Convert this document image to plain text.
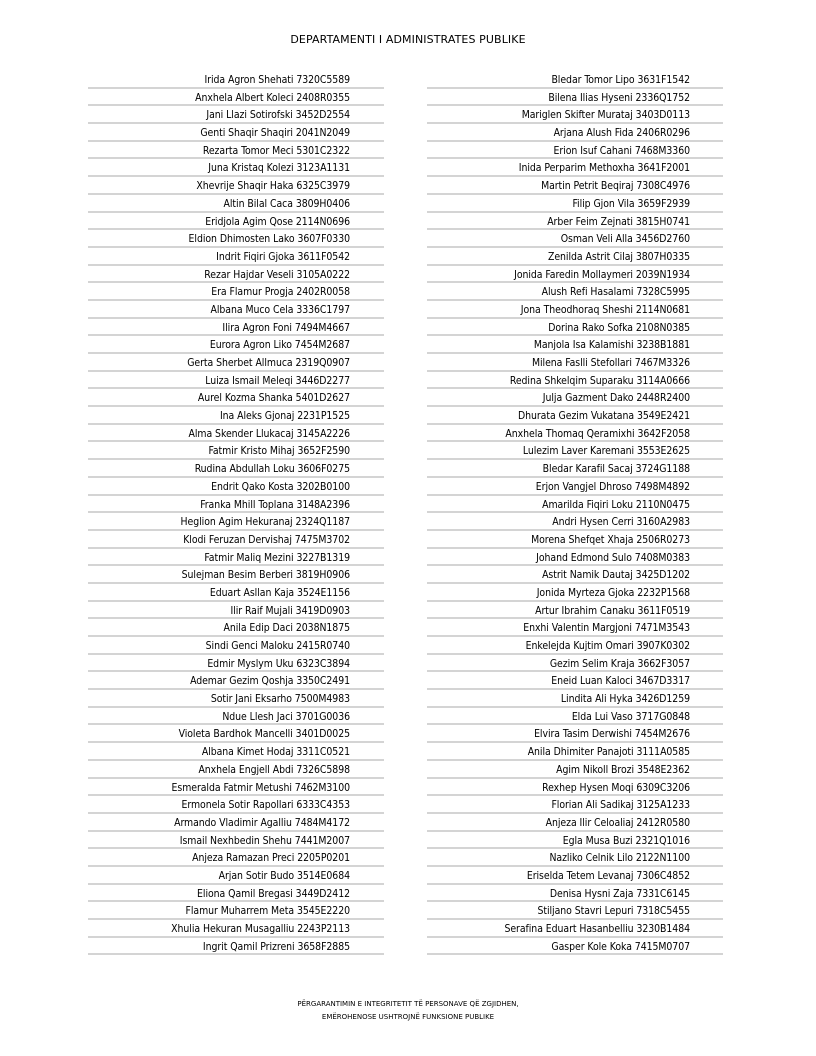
DEPARTAMENTI I ADMINISTRATES PUBLIKE
Irida Agron Shehati 7320C5589
Anxhela Albert Koleci 2408R0355
Jani Llazi Sotirofski 3452D2554
Genti Shaqir Shaqiri 2041N2049
Rezarta Tomor Meci 5301C2322
Juna Kristaq Kolezi 3123A1131
Xhevrije Shaqir Haka 6325C3979
Altin Bilal Caca 3809H0406
Eridjola Agim Qose 2114N0696
Eldion Dhimosten Lako 3607F0330
Indrit Fiqiri Gjoka 3611F0542
Rezar Hajdar Veseli 3105A0222
Era Flamur Progja 2402R0058
Albana Muco Cela 3336C1797
Ilira Agron Foni 7494M4667
Eurora Agron Liko 7454M2687
Gerta Sherbet Allmuca 2319Q0907
Luiza Ismail Meleqi 3446D2277
Aurel Kozma Shanka 5401D2627
Ina Aleks Gjonaj 2231P1525
Alma Skender Llukacaj 3145A2226
Fatmir Kristo Mihaj 3652F2590
Rudina Abdullah Loku 3606F0275
Endrit Qako Kosta 3202B0100
Franka Mhill Toplana 3148A2396
Heglion Agim Hekuranaj 2324Q1187
Klodi Feruzan Dervishaj 7475M3702
Fatmir Maliq Mezini 3227B1319
Sulejman Besim Berberi 3819H0906
Eduart Asllan Kaja 3524E1156
Ilir Raif Mujali 3419D0903
Anila Edip Daci 2038N1875
Sindi Genci Maloku 2415R0740
Edmir Myslym Uku 6323C3894
Ademar Gezim Qoshja 3350C2491
Sotir Jani Eksarho 7500M4983
Ndue Llesh Jaci 3701G0036
Violeta Bardhok Mancelli 3401D0025
Albana Kimet Hodaj 3311C0521
Anxhela Engjell Abdi 7326C5898
Esmeralda Fatmir Metushi 7462M3100
Ermonela Sotir Rapollari 6333C4353
Armando Vladimir Agalliu 7484M4172
Ismail Nexhbedin Shehu 7441M2007
Anjeza Ramazan Preci 2205P0201
Arjan Sotir Budo 3514E0684
Eliona Qamil Bregasi 3449D2412
Flamur Muharrem Meta 3545E2220
Xhulia Hekuran Musagalliu 2243P2113
Ingrit Qamil Prizreni 3658F2885
Bledar Tomor Lipo 3631F1542
Bilena Ilias Hyseni 2336Q1752
Mariglen Skifter Murataj 3403D0113
Arjana Alush Fida 2406R0296
Erion Isuf Cahani 7468M3360
Inida Perparim Methoxha 3641F2001
Martin Petrit Beqiraj 7308C4976
Filip Gjon Vila 3659F2939
Arber Feim Zejnati 3815H0741
Osman Veli Alla 3456D2760
Zenilda Astrit Cilaj 3807H0335
Jonida Faredin Mollaymeri 2039N1934
Alush Refi Hasalami 7328C5995
Jona Theodhoraq Sheshi 2114N0681
Dorina Rako Sofka 2108N0385
Manjola Isa Kalamishi 3238B1881
Milena Faslli Stefollari 7467M3326
Redina Shkelqim Suparaku 3114A0666
Julja Gazment Dako 2448R2400
Dhurata Gezim Vukatana 3549E2421
Anxhela Thomaq Qeramixhi 3642F2058
Lulezim Laver Karemani 3553E2625
Bledar Karafil Sacaj 3724G1188
Erjon Vangjel Dhroso 7498M4892
Amarilda Fiqiri Loku 2110N0475
Andri Hysen Cerri 3160A2983
Morena Shefqet Xhaja 2506R0273
Johand Edmond Sulo 7408M0383
Astrit Namik Dautaj 3425D1202
Jonida Myrteza Gjoka 2232P1568
Artur Ibrahim Canaku 3611F0519
Enxhi Valentin Margjoni 7471M3543
Enkelejda Kujtim Omari 3907K0302
Gezim Selim Kraja 3662F3057
Eneid Luan Kaloci 3467D3317
Lindita Ali Hyka 3426D1259
Elda Lui Vaso 3717G0848
Elvira Tasim Derwishi 7454M2676
Anila Dhimiter Panajoti 3111A0585
Agim Nikoll Brozi 3548E2362
Rexhep Hysen Moqi 6309C3206
Florian Ali Sadikaj 3125A1233
Anjeza Ilir Celoaliaj 2412R0580
Egla Musa Buzi 2321Q1016
Nazliko Celnik Lilo 2122N1100
Eriselda Tetem Levanaj 7306C4852
Denisa Hysni Zaja 7331C6145
Stiljano Stavri Lepuri 7318C5455
Serafina Eduart Hasanbelliu 3230B1484
Gasper Kole Koka 7415M0707
PËRGARANTIMIN E INTEGRITETIT TË PERSONAVE QË ZGJIDHEN,
EMËROHENOSE USHTROJNË FUNKSIONE PUBLIKE
